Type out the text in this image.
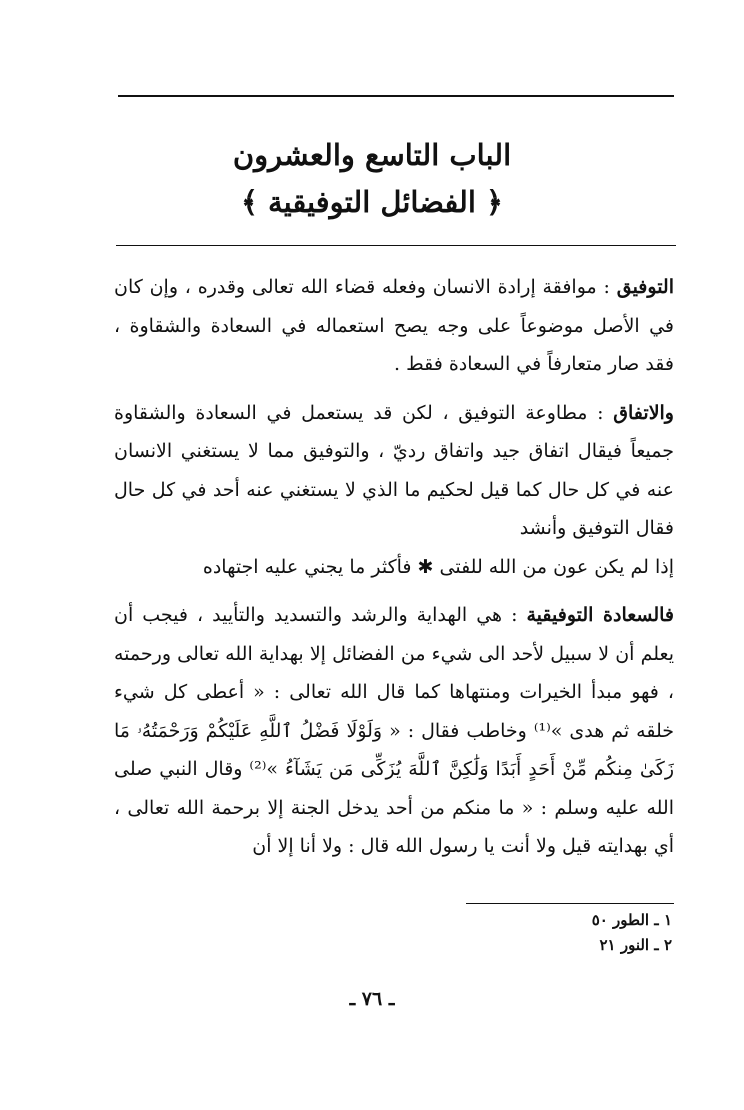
الباب التاسع والعشرون
﴿ الفضائل التوفيقية ﴾

التوفيق : موافقة إرادة الانسان وفعله قضاء الله تعالى وقدره ، وإن كان في الأصل موضوعاً على وجه يصح استعماله في السعادة والشقاوة ، فقد صار متعارفاً في السعادة فقط .

والاتفاق : مطاوعة التوفيق ، لكن قد يستعمل في السعادة والشقاوة جميعاً فيقال اتفاق جيد واتفاق رديّ ، والتوفيق مما لا يستغني الانسان عنه في كل حال كما قيل لحكيم ما الذي لا يستغني عنه أحد في كل حال فقال التوفيق وأنشد

إذا لم يكن عون من الله للفتى ✱ فأكثر ما يجني عليه اجتهاده

فالسعادة التوفيقية : هي الهداية والرشد والتسديد والتأييد ، فيجب أن يعلم أن لا سبيل لأحد الى شيء من الفضائل إلا بهداية الله تعالى ورحمته ، فهو مبدأ الخيرات ومنتهاها كما قال الله تعالى : « أعطى كل شيء خلقه ثم هدى »⁽¹⁾ وخاطب فقال : « وَلَوْلَا فَضْلُ ٱللَّهِ عَلَيْكُمْ وَرَحْمَتُهُۥ مَا زَكَىٰ مِنكُم مِّنْ أَحَدٍ أَبَدًا وَلَٰكِنَّ ٱللَّهَ يُزَكِّى مَن يَشَآءُ »⁽²⁾ وقال النبي صلى الله عليه وسلم : « ما منكم من أحد يدخل الجنة إلا برحمة الله تعالى ، أي بهدايته قيل ولا أنت يا رسول الله قال : ولا أنا إلا أن

١ ـ الطور ٥٠
٢ ـ النور ٢١
ـ ٧٦ ـ
